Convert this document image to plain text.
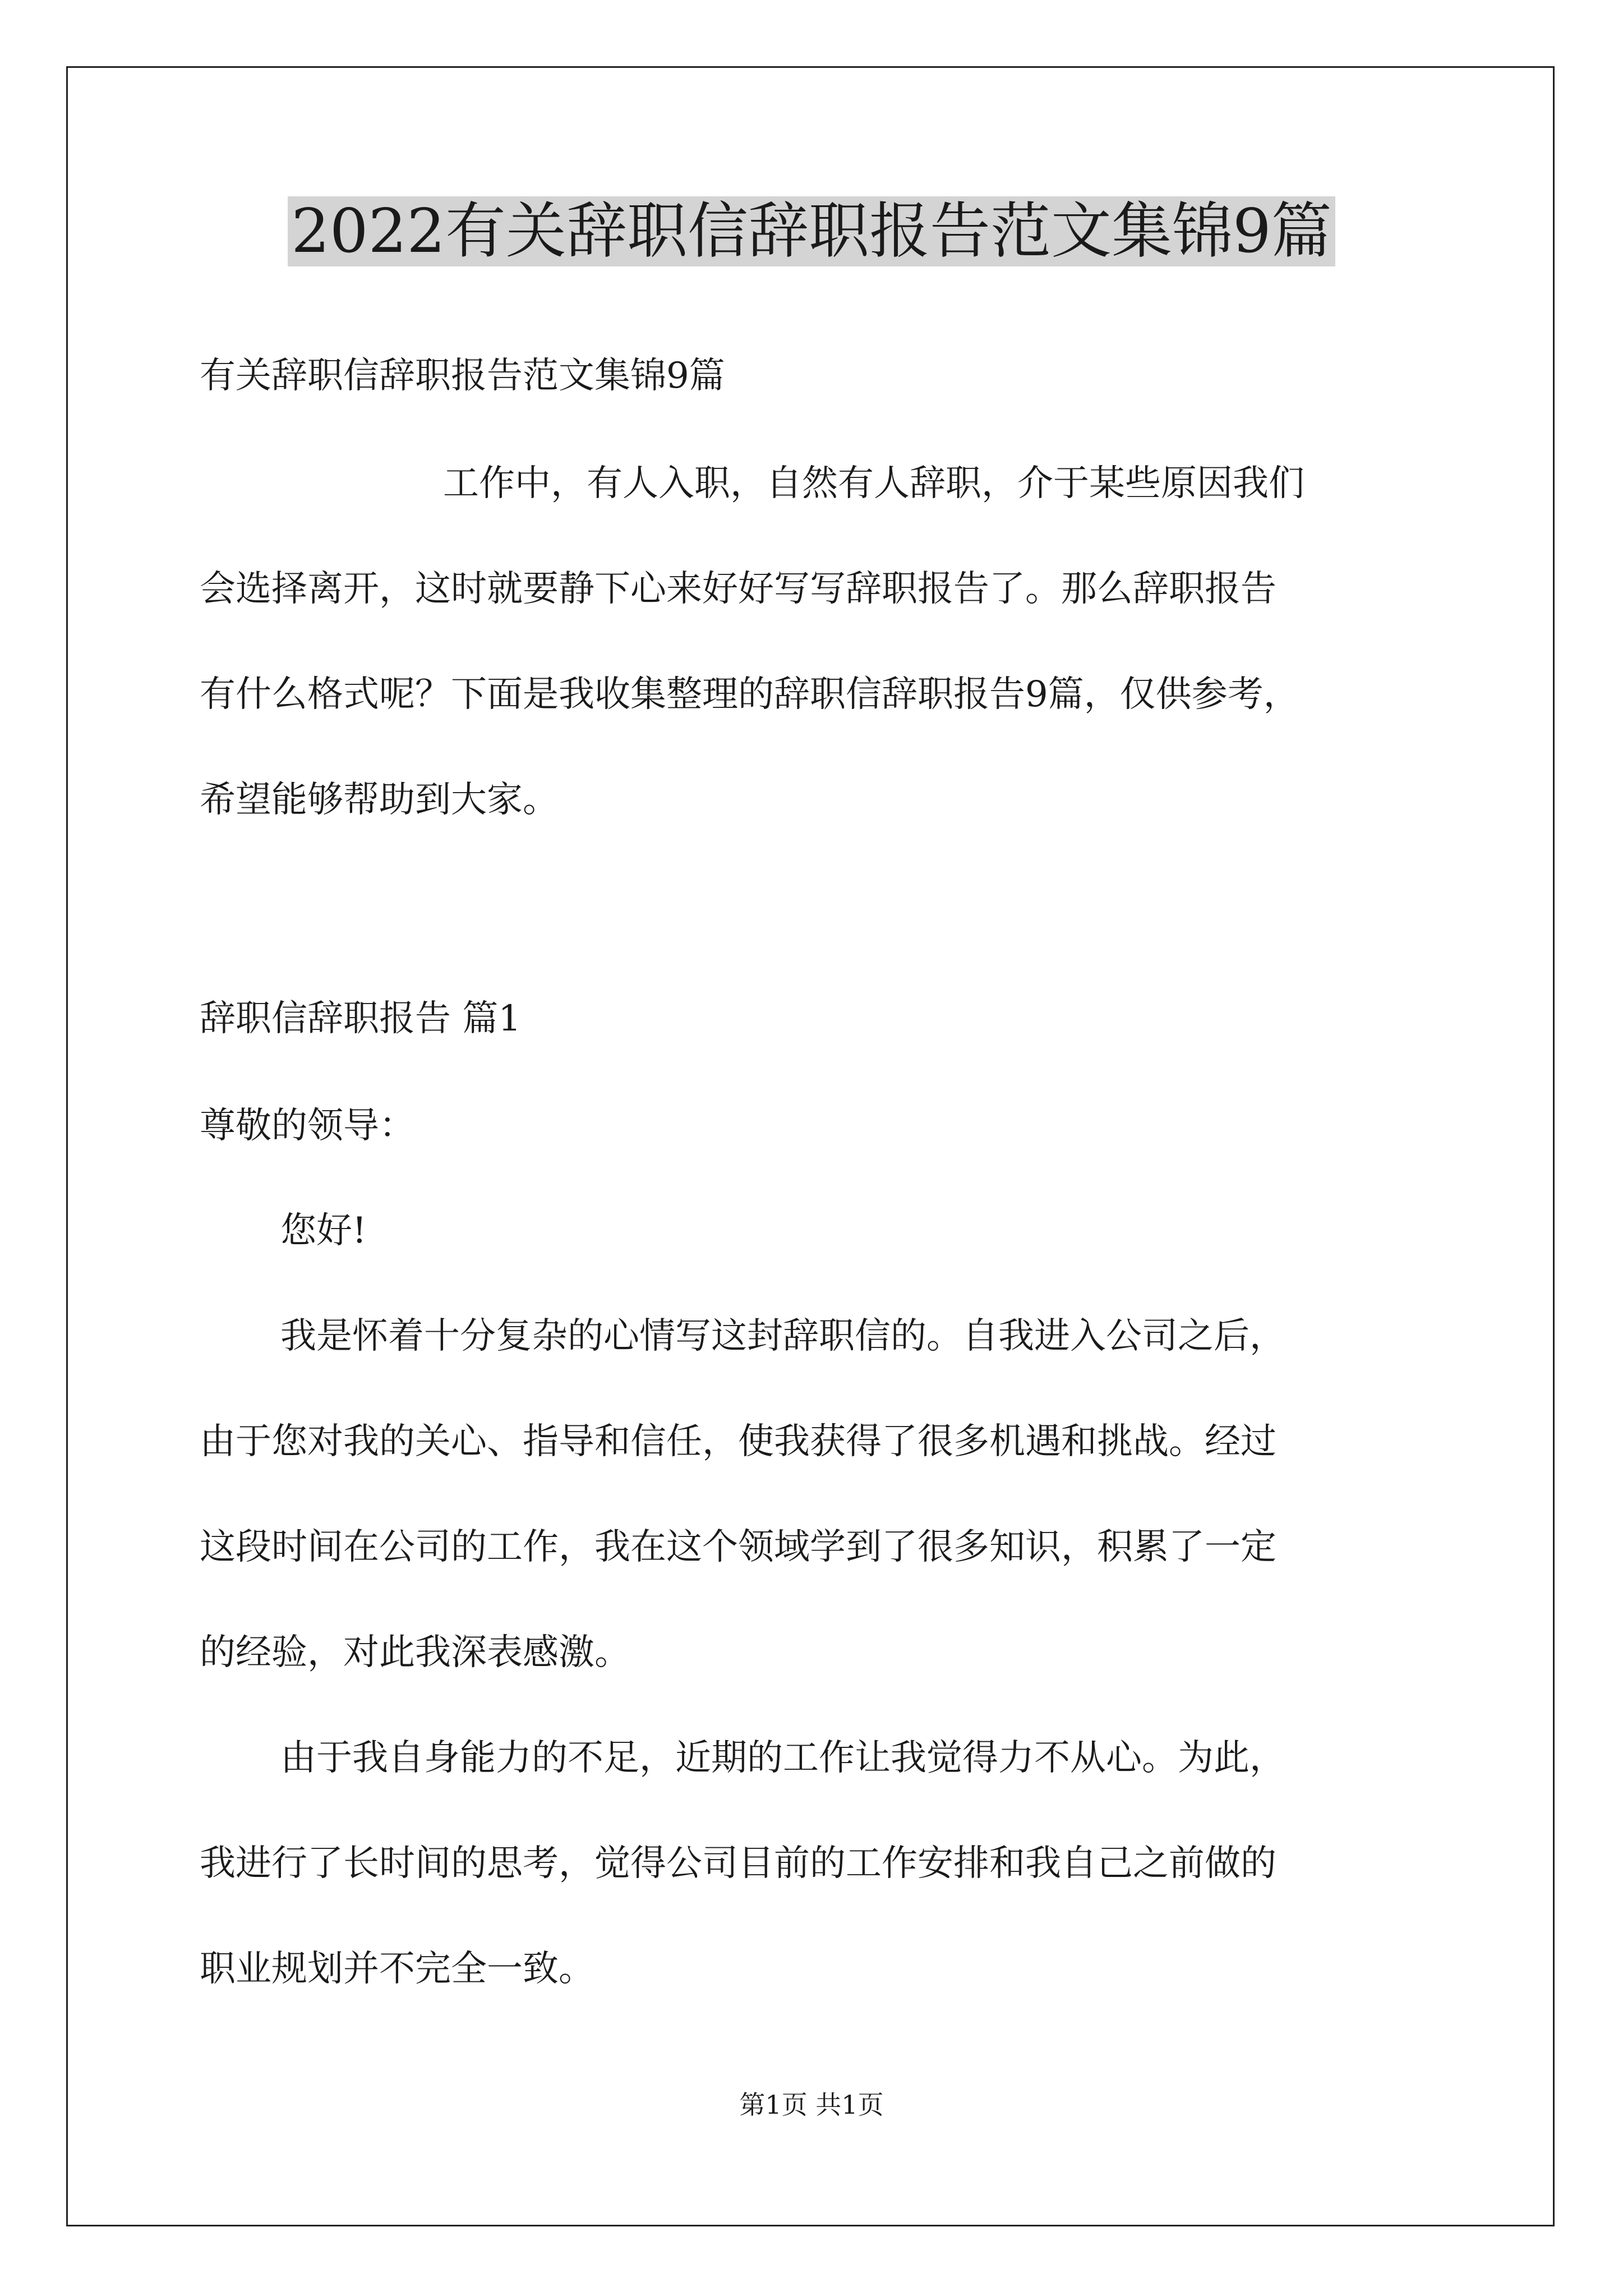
2022有关辞职信辞职报告范文集锦9篇

有关辞职信辞职报告范文集锦9篇

工作中，有人入职，自然有人辞职，介于某些原因我们

会选择离开，这时就要静下心来好好写写辞职报告了。那么辞职报告

有什么格式呢？下面是我收集整理的辞职信辞职报告9篇，仅供参考，

希望能够帮助到大家。

辞职信辞职报告 篇1

尊敬的领导：

您好!

我是怀着十分复杂的心情写这封辞职信的。自我进入公司之后，

由于您对我的关心、指导和信任，使我获得了很多机遇和挑战。经过

这段时间在公司的工作，我在这个领域学到了很多知识，积累了一定

的经验，对此我深表感激。

由于我自身能力的不足，近期的工作让我觉得力不从心。为此，

我进行了长时间的思考，觉得公司目前的工作安排和我自己之前做的

职业规划并不完全一致。

第1页 共1页
